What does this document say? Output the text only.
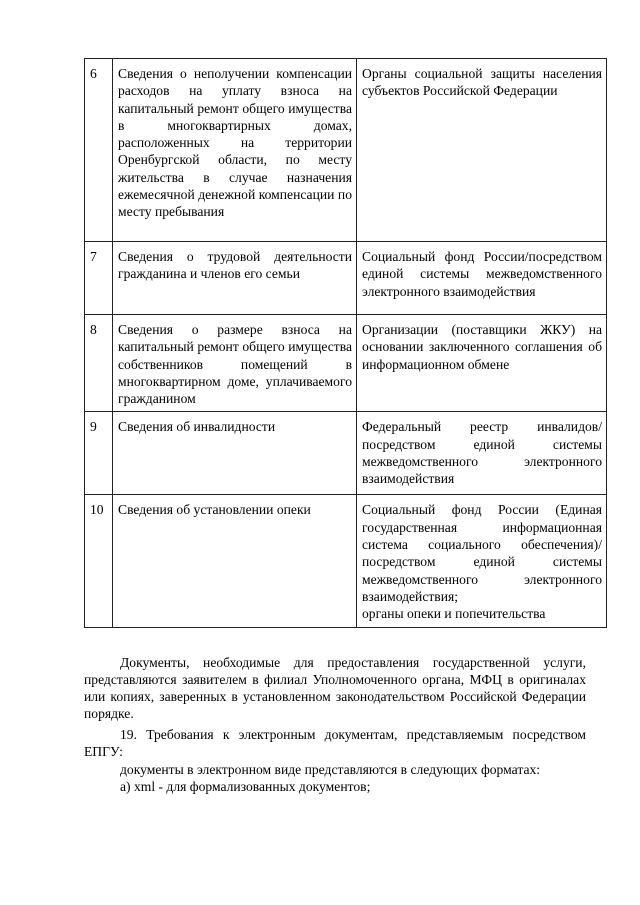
6	Сведения о неполучении компенсации расходов на уплату взноса на капитальный ремонт общего имущества в многоквартирных домах, расположенных на территории Оренбургской области, по месту жительства в случае назначения ежемесячной денежной компенсации по месту пребывания	Органы социальной защиты населения субъектов Российской Федерации
7	Сведения о трудовой деятельности гражданина и членов его семьи	Социальный фонд России/посредством единой системы межведомственного электронного взаимодействия
8	Сведения о размере взноса на капитальный ремонт общего имущества собственников помещений в многоквартирном доме, уплачиваемого гражданином	Организации (поставщики ЖКУ) на основании заключенного соглашения об информационном обмене
9	Сведения об инвалидности	Федеральный реестр инвалидов/ посредством единой системы межведомственного электронного взаимодействия
10	Сведения об установлении опеки	Социальный фонд России (Единая государственная информационная система социального обеспечения)/ посредством единой системы межведомственного электронного взаимодействия;
органы опеки и попечительства
Документы, необходимые для предоставления государственной услуги, представляются заявителем в филиал Уполномоченного органа, МФЦ в оригиналах или копиях, заверенных в установленном законодательством Российской Федерации порядке.
19. Требования к электронным документам, представляемым посредством ЕПГУ:
документы в электронном виде представляются в следующих форматах:
а) xml - для формализованных документов;
